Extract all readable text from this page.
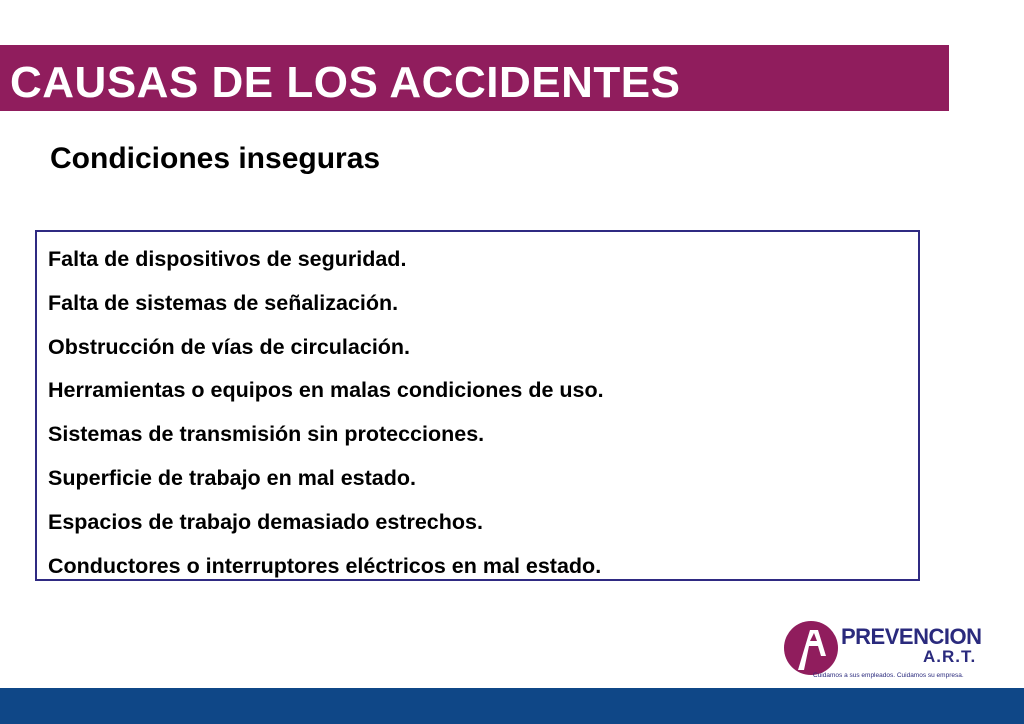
CAUSAS DE LOS ACCIDENTES
Condiciones inseguras
Falta de dispositivos de seguridad.
Falta de sistemas de señalización.
Obstrucción de vías de circulación.
Herramientas o equipos en malas condiciones de uso.
Sistemas de transmisión sin protecciones.
Superficie de trabajo en mal estado.
Espacios de trabajo demasiado estrechos.
Conductores o interruptores eléctricos en mal estado.
PREVENCION
A.R.T.
Cuidamos a sus empleados. Cuidamos su empresa.
